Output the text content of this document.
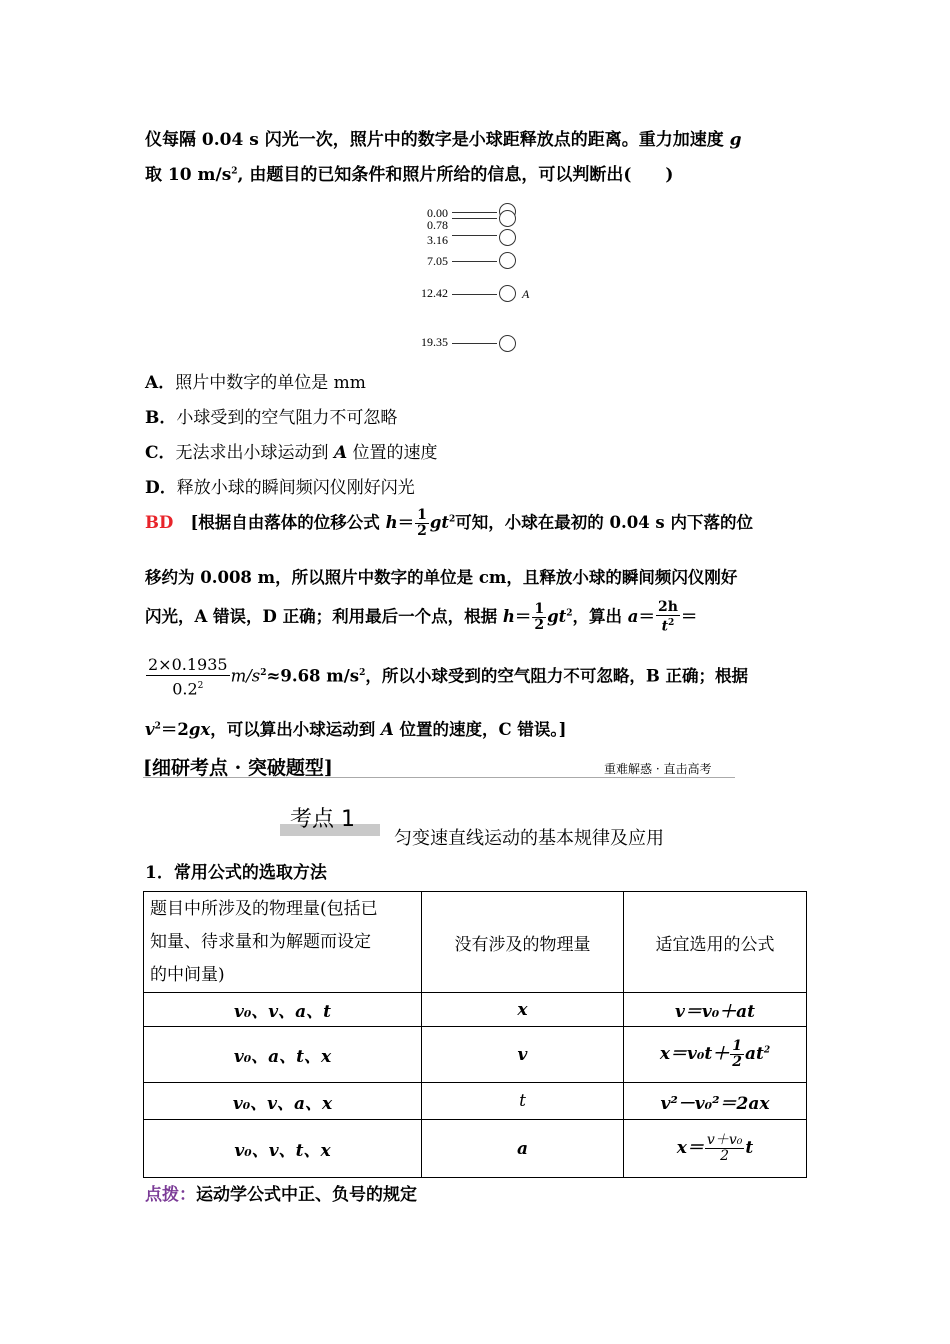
仪每隔 0.04 s 闪光一次，照片中的数字是小球距释放点的距离。重力加速度 g
取 10 $m/s^2$, 由题目的已知条件和照片所给的信息，可以判断出(　　)
0.00
0.78
3.16
7.05
12.42
19.35
A
A．照片中数字的单位是 mm
B．小球受到的空气阻力不可忽略
C．无法求出小球运动到 A 位置的速度
D．释放小球的瞬间频闪仪刚好闪光
BD [根据自由落体的位移公式 $h= \frac{1}{2} gt^2$可知，小球在最初的 0.04 s 内下落的位
移约为 0.008 m，所以照片中数字的单位是 cm，且释放小球的瞬间频闪仪刚好
闪光，A 错误，D 正确；利用最后一个点，根据 $h= \frac{1}{2} gt^2$，算出 $a= \frac{2h}{t^2}$ ＝
$\frac{2\times 0.1935}{0.2^2} m/s^2\approx 9.68$ $m/s^2$，所以小球受到的空气阻力不可忽略，B 正确；根据
$v^2=2gx$，可以算出小球运动到 A 位置的速度，C 错误。]
[细研考点 · 突破题型]	重难解惑 · 直击高考
考点 1
匀变速直线运动的基本规律及应用
1．常用公式的选取方法
题目中所涉及的物理量(包括已
知量、待求量和为解题而设定
的中间量)	没有涉及的物理量	适宜选用的公式
v₀、v、a、t	x	v＝v₀＋at
v₀、a、t、x	v	$x=v_0t+ \frac{1}{2} at^2$
v₀、v、a、x	t	v²－v₀²＝2ax
v₀、v、t、x	a	$x= \frac{\text{v＋v₀}}{2}$ t
点拨：运动学公式中正、负号的规定
